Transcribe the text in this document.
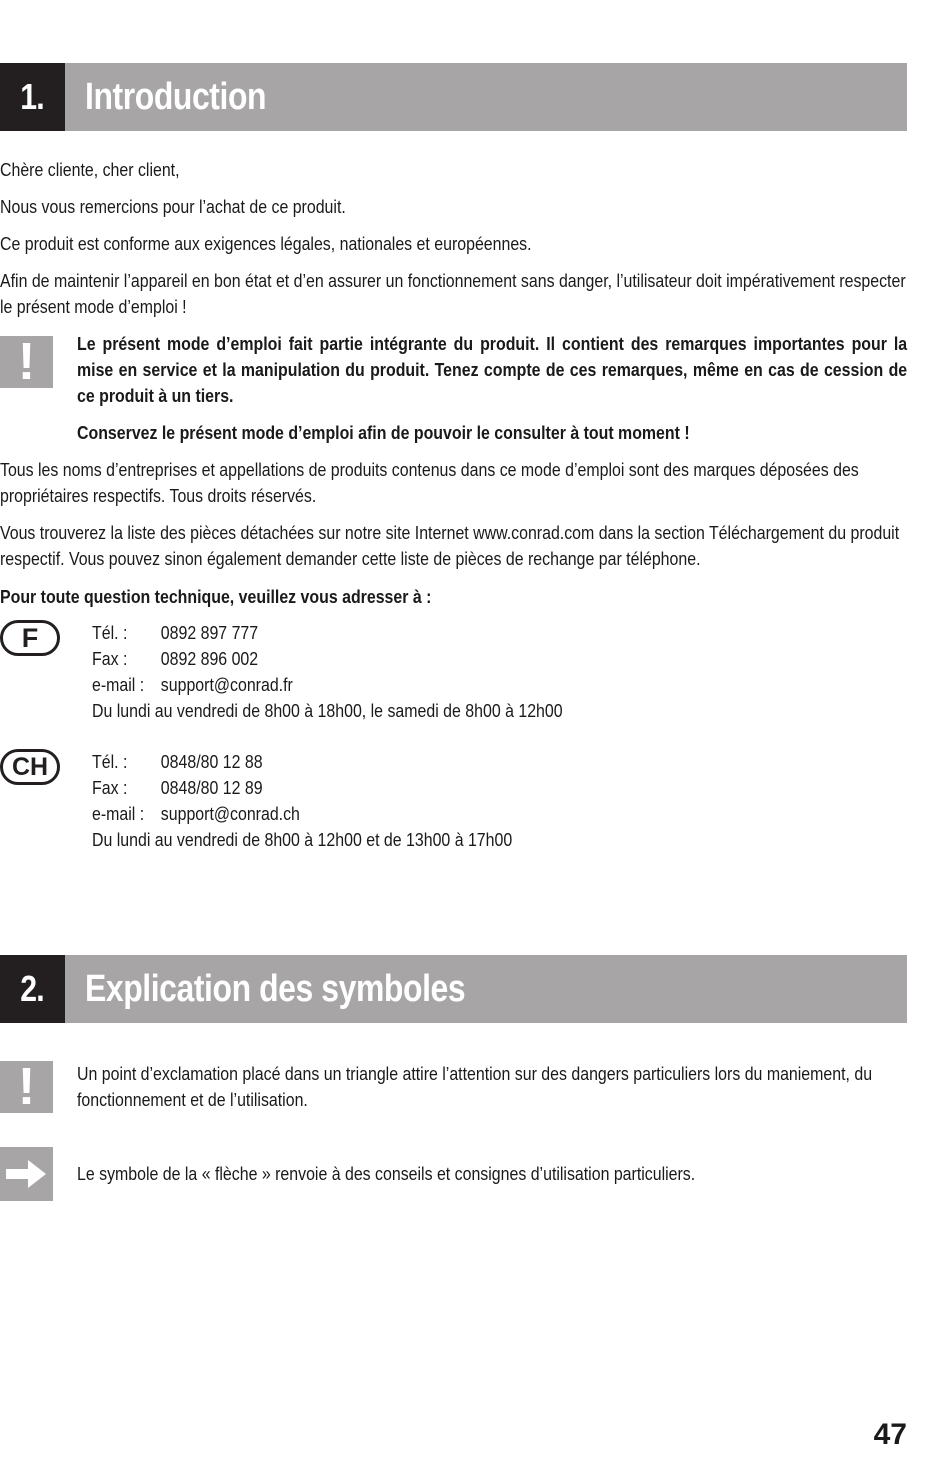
1. Introduction

Chère cliente, cher client,

Nous vous remercions pour l’achat de ce produit.

Ce produit est conforme aux exigences légales, nationales et européennes.

Afin de maintenir l’appareil en bon état et d’en assurer un fonctionnement sans danger, l’utilisateur doit impérativement respecter le présent mode d’emploi !

! Le présent mode d’emploi fait partie intégrante du produit. Il contient des remarques importantes pour la mise en service et la manipulation du produit. Tenez compte de ces remarques, même en cas de cession de ce produit à un tiers.

Conservez le présent mode d’emploi afin de pouvoir le consulter à tout moment !

Tous les noms d’entreprises et appellations de produits contenus dans ce mode d’emploi sont des marques déposées des propriétaires respectifs. Tous droits réservés.

Vous trouverez la liste des pièces détachées sur notre site Internet www.conrad.com dans la section Téléchargement du produit respectif. Vous pouvez sinon également demander cette liste de pièces de rechange par téléphone.

Pour toute question technique, veuillez vous adresser à :

F	Tél. :	0892 897 777
Fax :	0892 896 002
e-mail : support@conrad.fr
Du lundi au vendredi de 8h00 à 18h00, le samedi de 8h00 à 12h00
CH Tél. :	0848/80 12 88
Fax :	0848/80 12 89
e-mail : support@conrad.ch
Du lundi au vendredi de 8h00 à 12h00 et de 13h00 à 17h00
2. Explication des symboles
! Un point d’exclamation placé dans un triangle attire l’attention sur des dangers particuliers lors du maniement, du fonctionnement et de l’utilisation.

Le symbole de la « flèche » renvoie à des conseils et consignes d’utilisation particuliers.

47
